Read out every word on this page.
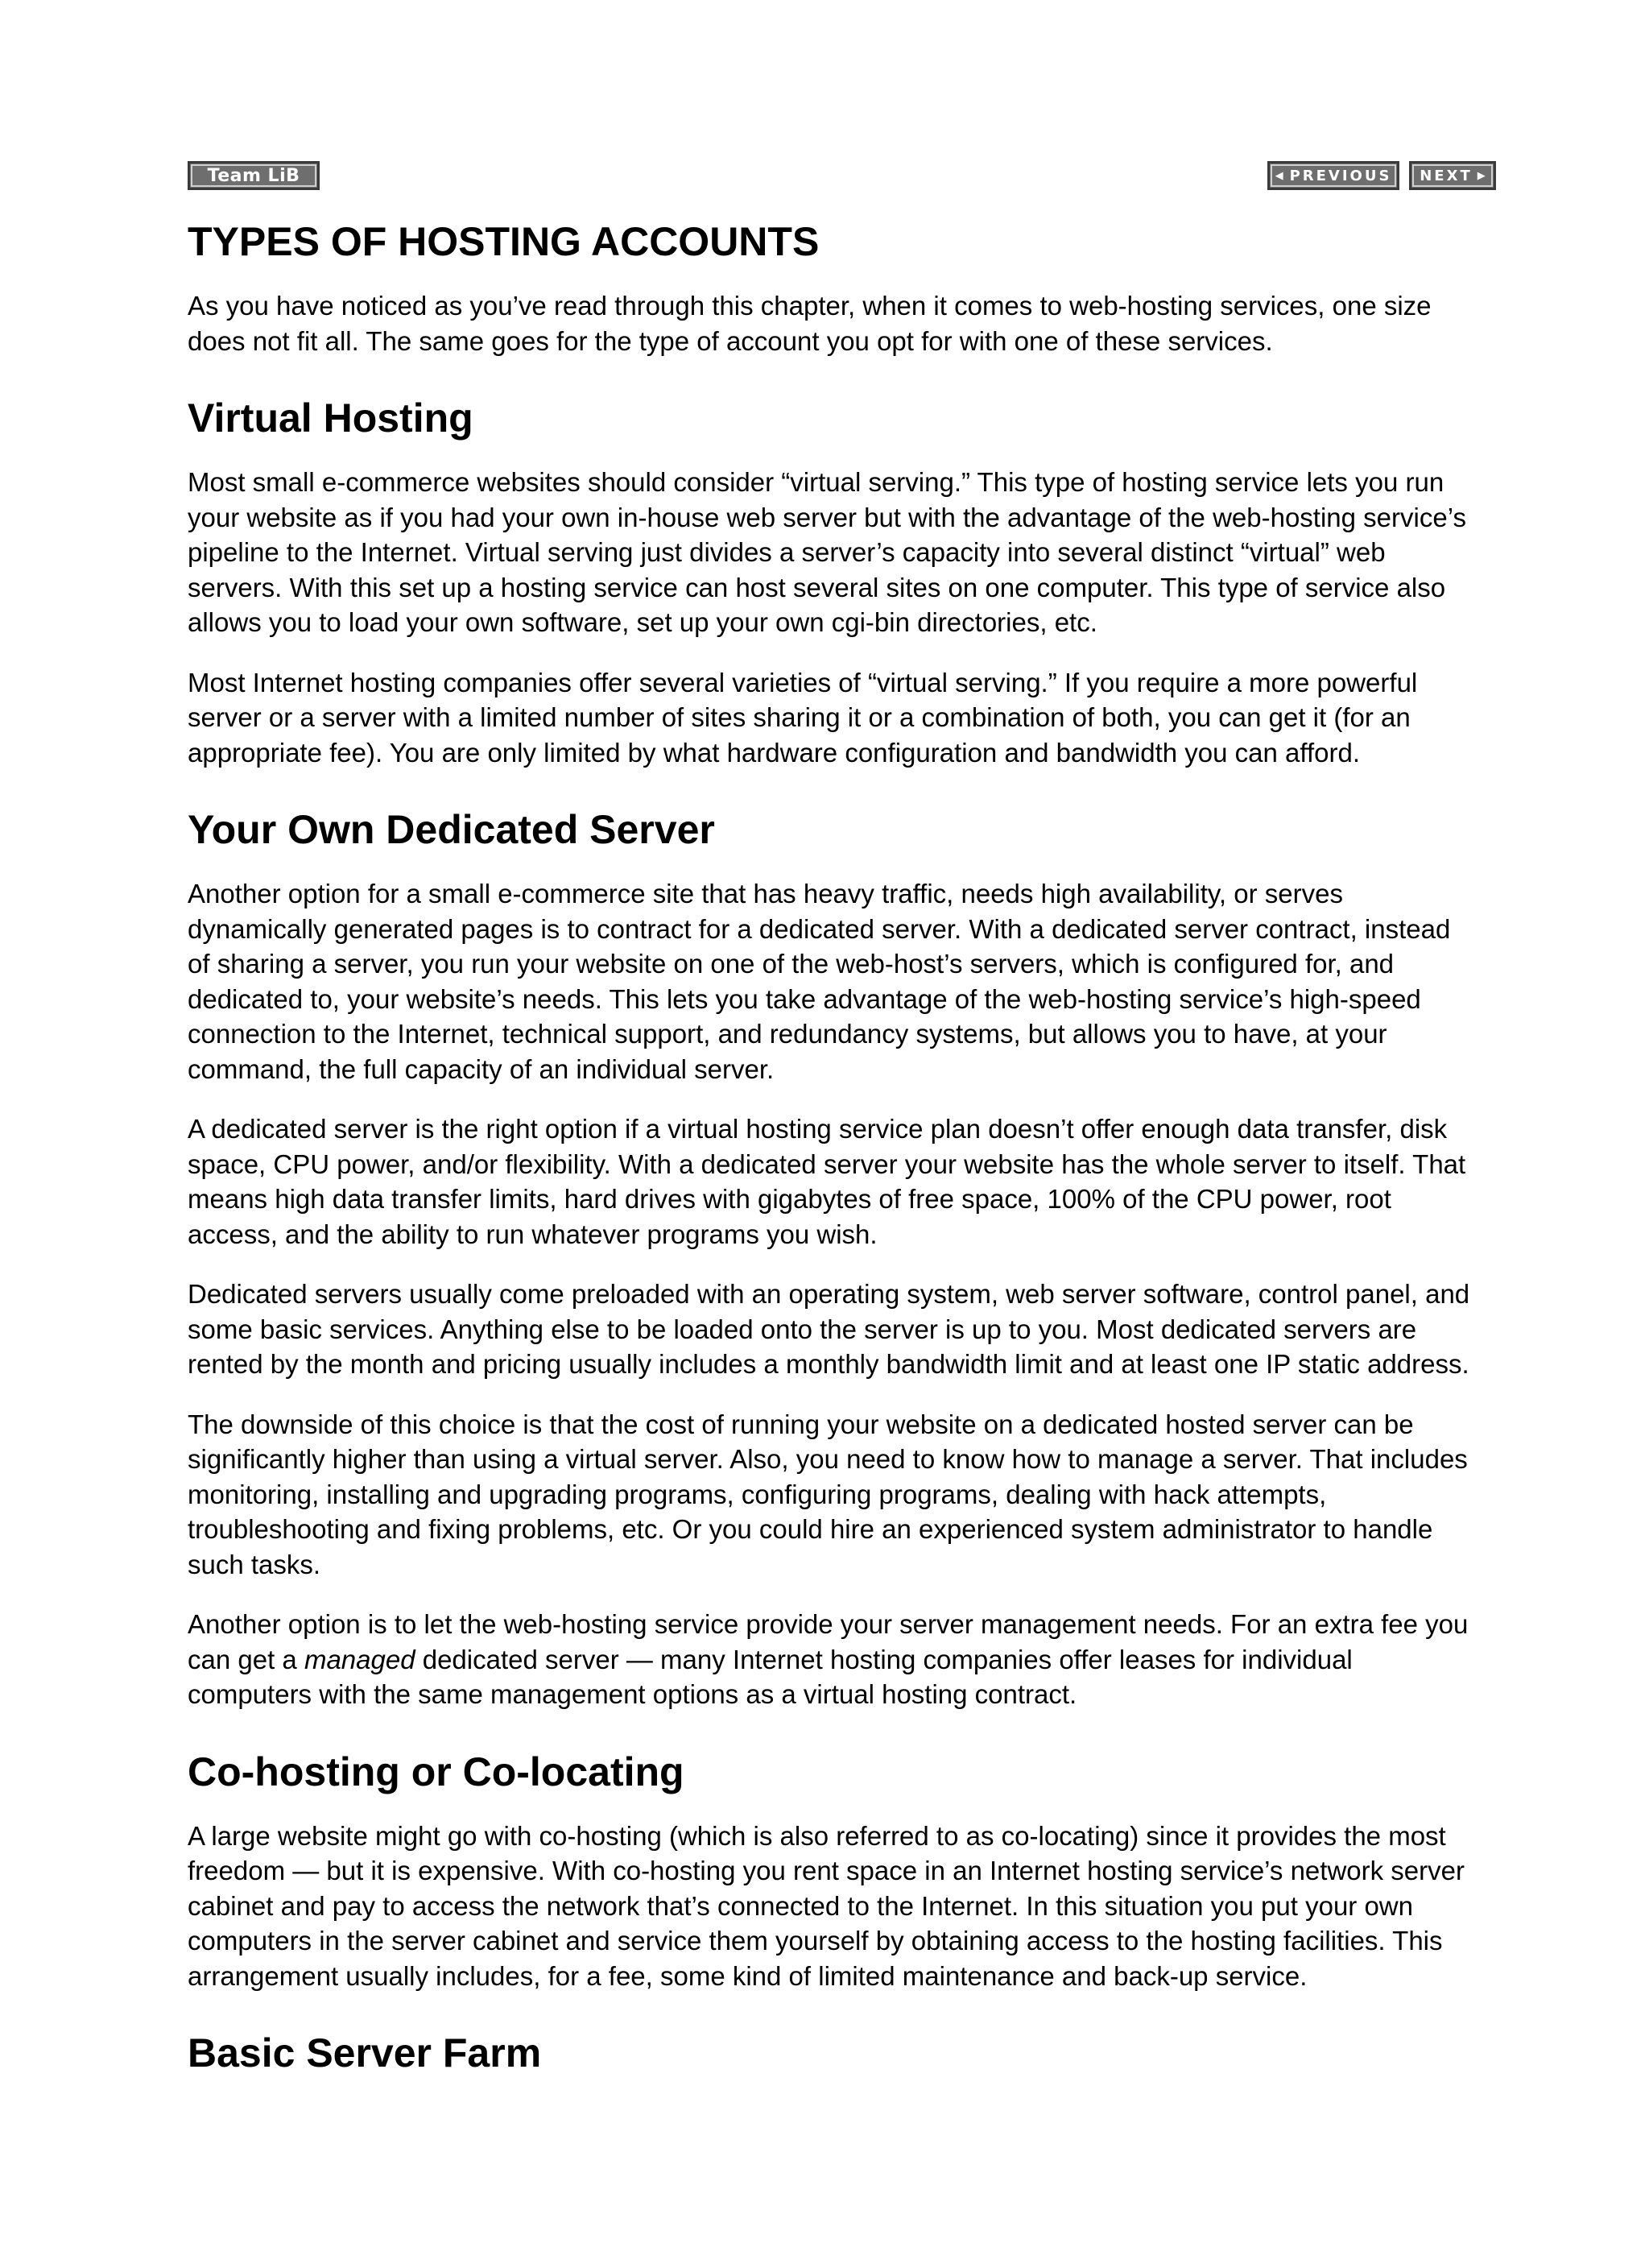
Team LiB	◀ PREVIOUS NEXT ▶
TYPES OF HOSTING ACCOUNTS

As you have noticed as you’ve read through this chapter, when it comes to web-hosting services, one size does not fit all. The same goes for the type of account you opt for with one of these services.

Virtual Hosting

Most small e-commerce websites should consider “virtual serving.” This type of hosting service lets you run your website as if you had your own in-house web server but with the advantage of the web-hosting service’s pipeline to the Internet. Virtual serving just divides a server’s capacity into several distinct “virtual” web servers. With this set up a hosting service can host several sites on one computer. This type of service also allows you to load your own software, set up your own cgi-bin directories, etc.

Most Internet hosting companies offer several varieties of “virtual serving.” If you require a more powerful server or a server with a limited number of sites sharing it or a combination of both, you can get it (for an appropriate fee). You are only limited by what hardware configuration and bandwidth you can afford.

Your Own Dedicated Server

Another option for a small e-commerce site that has heavy traffic, needs high availability, or serves dynamically generated pages is to contract for a dedicated server. With a dedicated server contract, instead of sharing a server, you run your website on one of the web-host’s servers, which is configured for, and dedicated to, your website’s needs. This lets you take advantage of the web-hosting service’s high-speed connection to the Internet, technical support, and redundancy systems, but allows you to have, at your command, the full capacity of an individual server.

A dedicated server is the right option if a virtual hosting service plan doesn’t offer enough data transfer, disk space, CPU power, and/or flexibility. With a dedicated server your website has the whole server to itself. That means high data transfer limits, hard drives with gigabytes of free space, 100% of the CPU power, root access, and the ability to run whatever programs you wish.

Dedicated servers usually come preloaded with an operating system, web server software, control panel, and some basic services. Anything else to be loaded onto the server is up to you. Most dedicated servers are rented by the month and pricing usually includes a monthly bandwidth limit and at least one IP static address.

The downside of this choice is that the cost of running your website on a dedicated hosted server can be significantly higher than using a virtual server. Also, you need to know how to manage a server. That includes monitoring, installing and upgrading programs, configuring programs, dealing with hack attempts, troubleshooting and fixing problems, etc. Or you could hire an experienced system administrator to handle such tasks.

Another option is to let the web-hosting service provide your server management needs. For an extra fee you can get a managed dedicated server — many Internet hosting companies offer leases for individual computers with the same management options as a virtual hosting contract.

Co-hosting or Co-locating

A large website might go with co-hosting (which is also referred to as co-locating) since it provides the most freedom — but it is expensive. With co-hosting you rent space in an Internet hosting service’s network server cabinet and pay to access the network that’s connected to the Internet. In this situation you put your own computers in the server cabinet and service them yourself by obtaining access to the hosting facilities. This arrangement usually includes, for a fee, some kind of limited maintenance and back-up service.

Basic Server Farm
